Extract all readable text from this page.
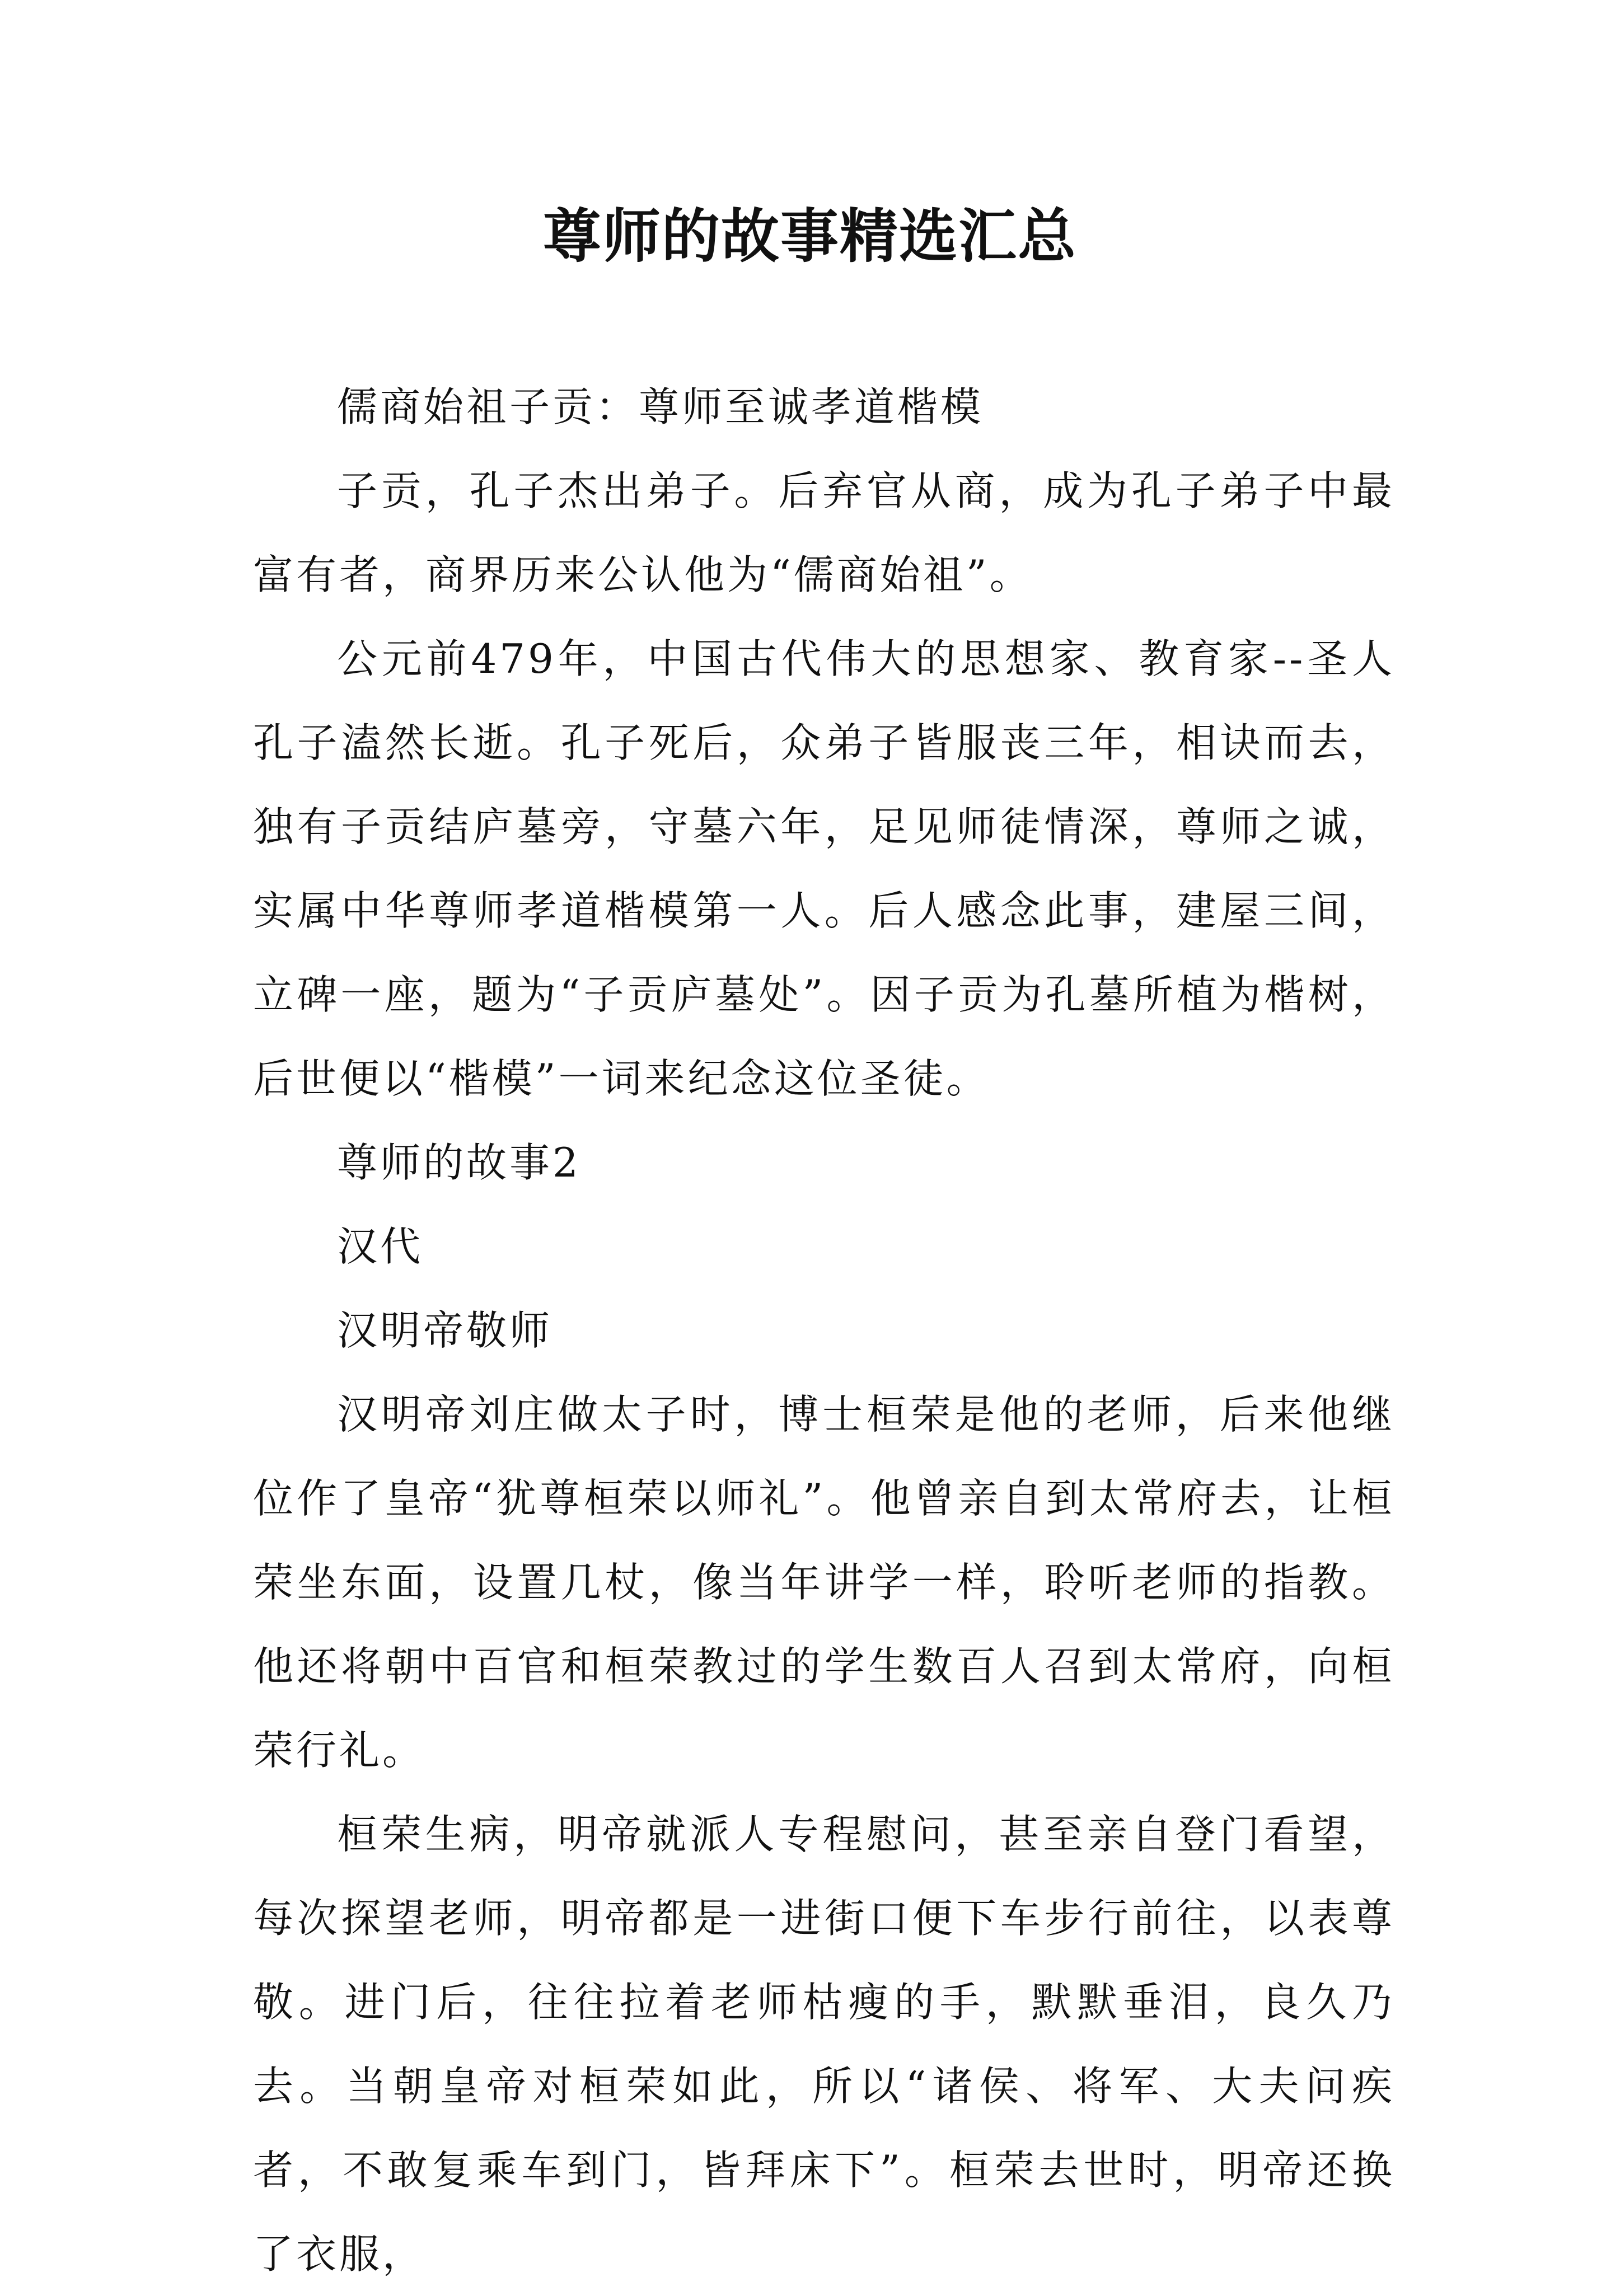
尊师的故事精选汇总

儒商始祖子贡：尊师至诚孝道楷模

子贡，孔子杰出弟子。后弃官从商，成为孔子弟子中最富有者，商界历来公认他为“儒商始祖”。

公元前479年，中国古代伟大的思想家、教育家--圣人孔子溘然长逝。孔子死后，众弟子皆服丧三年，相诀而去，独有子贡结庐墓旁，守墓六年，足见师徒情深，尊师之诚，实属中华尊师孝道楷模第一人。后人感念此事，建屋三间，立碑一座，题为“子贡庐墓处”。因子贡为孔墓所植为楷树，后世便以“楷模”一词来纪念这位圣徒。

尊师的故事2

汉代

汉明帝敬师

汉明帝刘庄做太子时，博士桓荣是他的老师，后来他继位作了皇帝“犹尊桓荣以师礼”。他曾亲自到太常府去，让桓荣坐东面，设置几杖，像当年讲学一样，聆听老师的指教。他还将朝中百官和桓荣教过的学生数百人召到太常府，向桓荣行礼。

桓荣生病，明帝就派人专程慰问，甚至亲自登门看望，每次探望老师，明帝都是一进街口便下车步行前往，以表尊敬。进门后，往往拉着老师枯瘦的手，默默垂泪，良久乃去。当朝皇帝对桓荣如此，所以“诸侯、将军、大夫问疾者，不敢复乘车到门，皆拜床下”。桓荣去世时，明帝还换了衣服，
